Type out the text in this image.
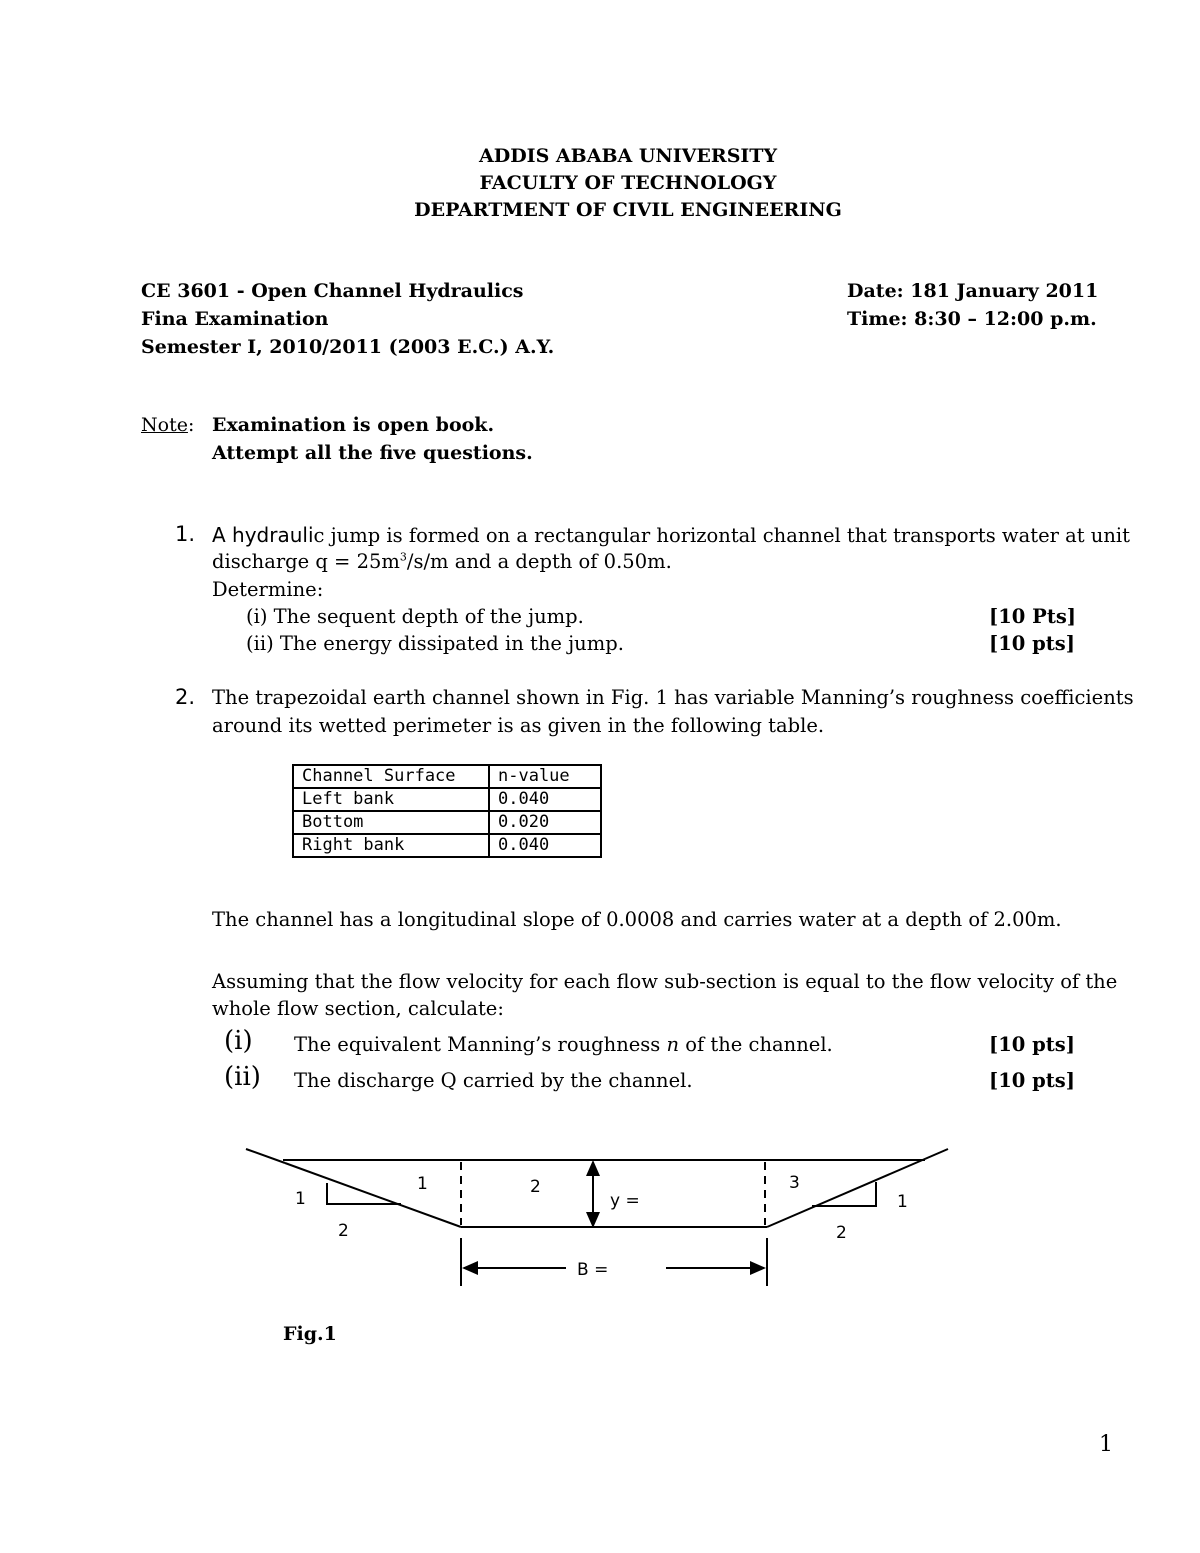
ADDIS ABABA UNIVERSITY
FACULTY OF TECHNOLOGY
DEPARTMENT OF CIVIL ENGINEERING
CE 3601 - Open Channel Hydraulics
Fina Examination
Semester I, 2010/2011 (2003 E.C.) A.Y.
Date: 181 January 2011
Time: 8:30 – 12:00 p.m.
Note: Examination is open book.
Attempt all the five questions.
1. A hydraulic jump is formed on a rectangular horizontal channel that transports water at unit
discharge $q = 25m^3/s/m$ and a depth of 0.50m.
Determine:
(i) The sequent depth of the jump.	[10 Pts]
(ii) The energy dissipated in the jump.	[10 pts]
2. The trapezoidal earth channel shown in Fig. 1 has variable Manning’s roughness coefficients
around its wetted perimeter is as given in the following table.
Channel Surface	n-value
Left bank	0.040
Bottom	0.020
Right bank	0.040
The channel has a longitudinal slope of 0.0008 and carries water at a depth of 2.00m.
Assuming that the flow velocity for each flow sub-section is equal to the flow velocity of the
whole flow section, calculate:
(i) The equivalent Manning’s roughness n of the channel.	[10 pts]
(ii) The discharge Q carried by the channel.	[10 pts]
1
2
1	2	3
y =
B =
1
2
Fig.1
1
